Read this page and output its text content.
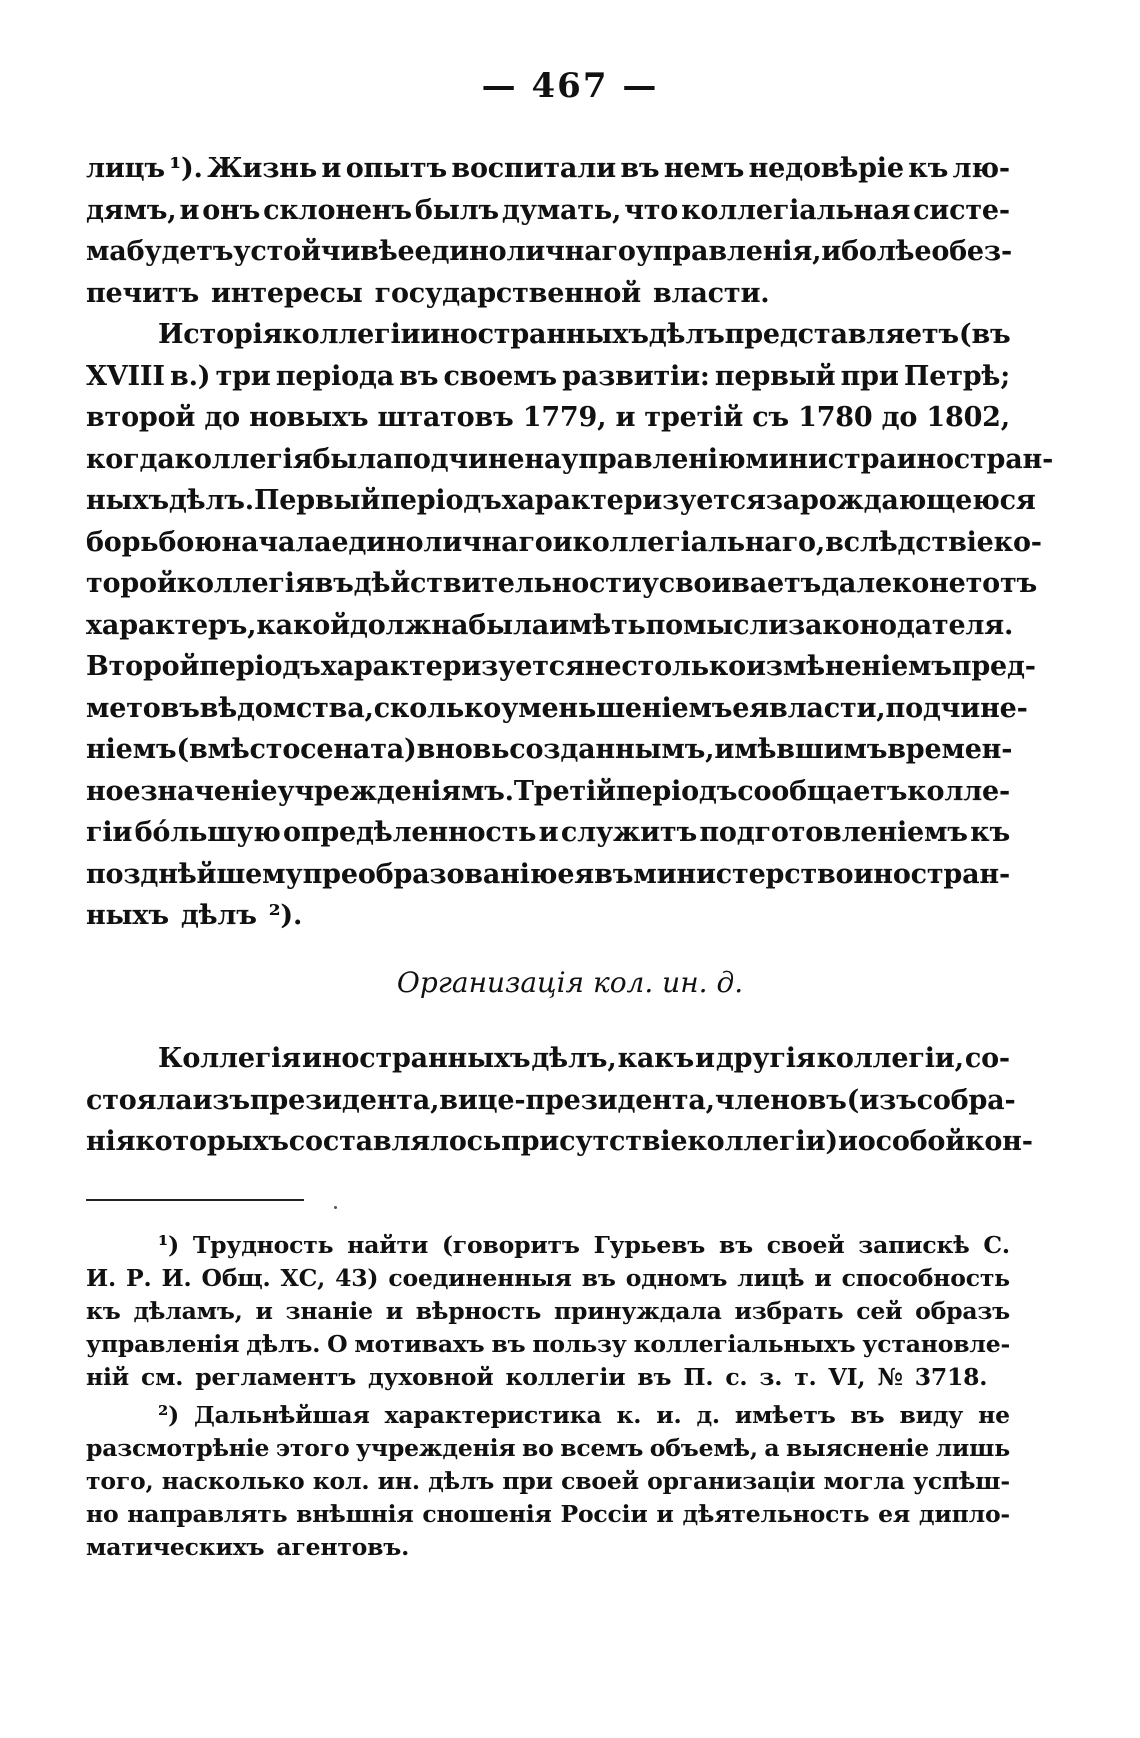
— 467 —
лицъ ¹). Жизнь и опытъ воспитали въ немъ недовѣріе къ лю-
дямъ, и онъ склоненъ былъ думать, что коллегіальная систе-
ма будетъ устойчивѣе единоличнаго управленія, и болѣе обез-
печитъ интересы государственной власти.
Исторія коллегіи иностранныхъ дѣлъ представляетъ (въ
XVIII в.) три періода въ своемъ развитіи: первый при Петрѣ;
второй до новыхъ штатовъ 1779, и третій съ 1780 до 1802,
когда коллегія была подчинена управленію министра иностран-
ныхъ дѣлъ. Первый періодъ характеризуется зарождающеюся
борьбою начала единоличнаго и коллегіальнаго, вслѣдствіе ко-
торой коллегія въ дѣйствительности усвоиваетъ далеко не тотъ
характеръ, какой должна была имѣть по мысли законодателя.
Второй періодъ характеризуется не столько измѣненіемъ пред-
метовъ вѣдомства, сколько уменьшеніемъ ея власти, подчине-
ніемъ (вмѣсто сената) вновь созданнымъ, имѣвшимъ времен-
ное значеніе учрежденіямъ. Третій періодъ сообщаетъ колле-
гіи бóльшую опредѣленность и служитъ подготовленіемъ къ
позднѣйшему преобразованію ея въ министерство иностран-
ныхъ дѣлъ ²).
Организація кол. ин. д.
Коллегія иностранныхъ дѣлъ, какъ и другія коллегіи, со-
стояла изъ президента, вице-президента, членовъ (изъ собра-
нія которыхъ составлялось присутствіе коллегіи) и особой кон-
¹) Трудность найти (говоритъ Гурьевъ въ своей запискѣ С.
И. Р. И. Общ. ХС, 43) соединенныя въ одномъ лицѣ и способность
къ дѣламъ, и знаніе и вѣрность принуждала избрать сей образъ
управленія дѣлъ. О мотивахъ въ пользу коллегіальныхъ установле-
ній см. регламентъ духовной коллегіи въ П. с. з. т. VI, № 3718.
²) Дальнѣйшая характеристика к. и. д. имѣетъ въ виду не
разсмотрѣніе этого учрежденія во всемъ объемѣ, а выясненіе лишь
того, насколько кол. ин. дѣлъ при своей организаціи могла успѣш-
но направлять внѣшнія сношенія Россіи и дѣятельность ея дипло-
матическихъ агентовъ.
